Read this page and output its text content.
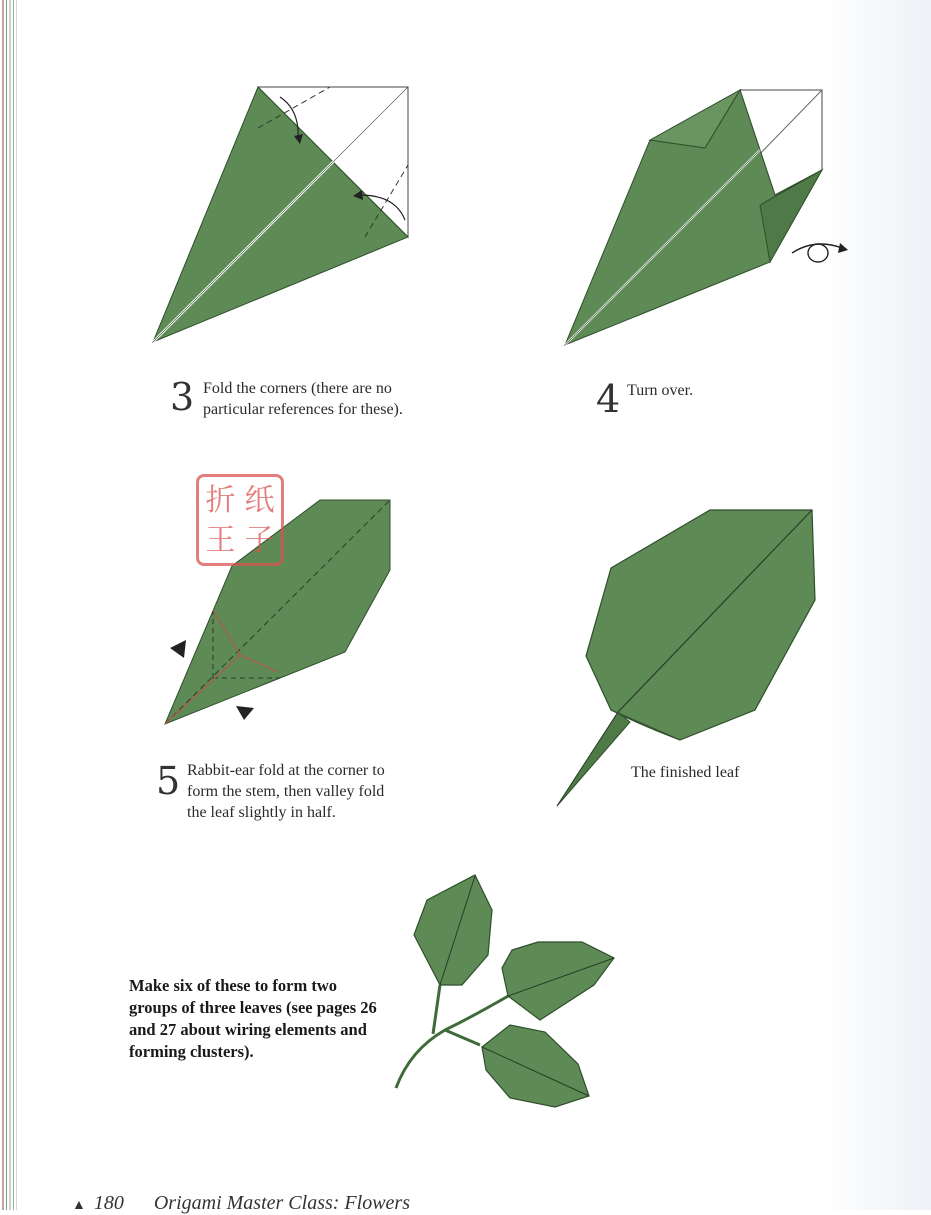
3 Fold the corners (there are no
particular references for these).	4 Turn over.
折 纸
王 子
5 Rabbit-ear fold at the corner to
form the stem, then valley fold
the leaf slightly in half.
The finished leaf
Make six of these to form two
groups of three leaves (see pages 26
and 27 about wiring elements and
forming clusters).
▲ 180 Origami Master Class: Flowers
